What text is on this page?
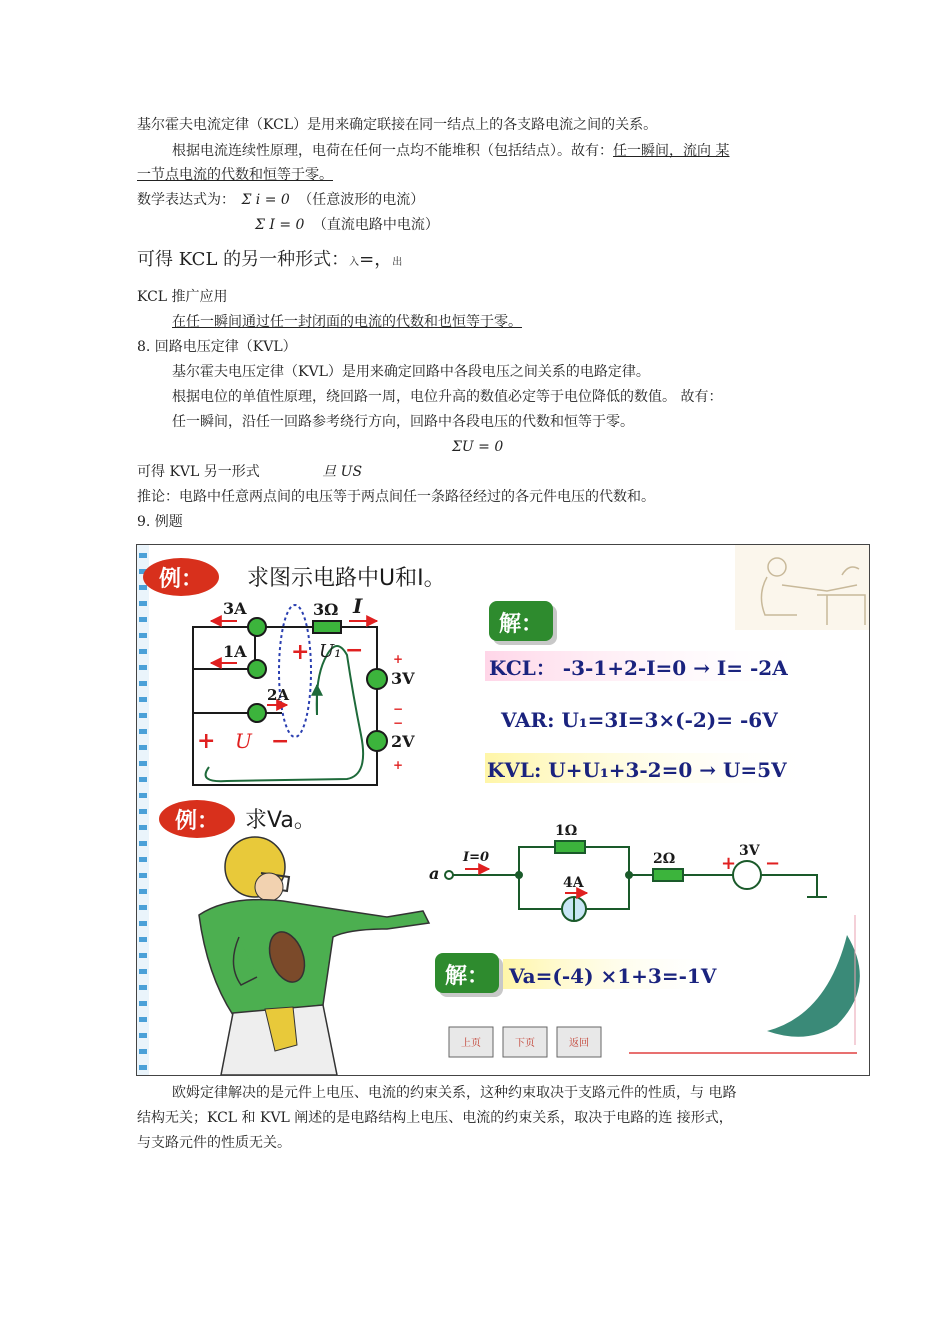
基尔霍夫电流定律（KCL）是用来确定联接在同一结点上的各支路电流之间的关系。
根据电流连续性原理，电荷在任何一点均不能堆积（包括结点）。故有：任一瞬间，流向 某
一节点电流的代数和恒等于零。
数学表达式为： Σ i = 0 （任意波形的电流）
Σ I = 0 （直流电路中电流）
可得 KCL 的另一种形式：入=，出
KCL 推广应用
在任一瞬间通过任一封闭面的电流的代数和也恒等于零。
8. 回路电压定律（KVL）
基尔霍夫电压定律（KVL）是用来确定回路中各段电压之间关系的电路定律。
根据电位的单值性原理，绕回路一周，电位升高的数值必定等于电位降低的数值。 故有：
任一瞬间，沿任一回路参考绕行方向，回路中各段电压的代数和恒等于零。
ΣU = 0
可得 KVL 另一形式	旦 US
推论：电路中任意两点间的电压等于两点间任一条路径经过的各元件电压的代数和。
9. 例题
例： 求图示电路中U和I。
3A
1A
2A
3Ω I
U₁
+ −
3V
2V
+
−
−
+
+ U −
解：
KCL： -3-1+2-I=0 → I= -2A
VAR: U₁=3I=3×(-2)= -6V
KVL: U+U₁+3-2=0 → U=5V
例： 求Va。
a
I=0
1Ω
4A
2Ω	3V
+ −
解： Va=(-4) ×1+3=-1V
上页	下页	返回
欧姆定律解决的是元件上电压、电流的约束关系，这种约束取决于支路元件的性质，与 电路
结构无关；KCL 和 KVL 阐述的是电路结构上电压、电流的约束关系，取决于电路的连 接形式，
与支路元件的性质无关。
